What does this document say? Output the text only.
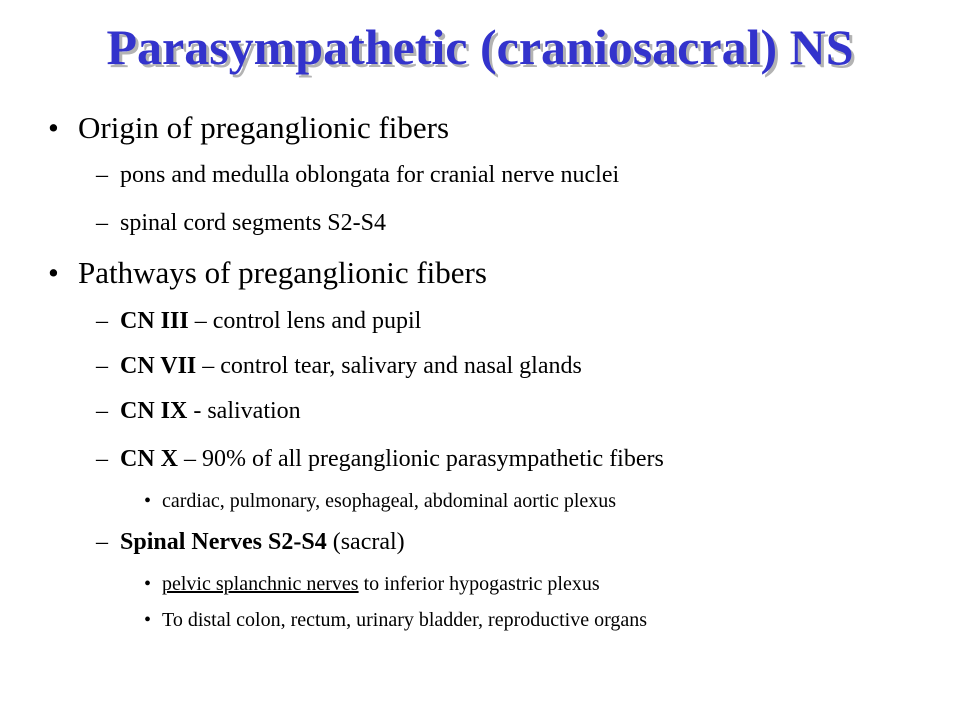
Parasympathetic (craniosacral) NS
• Origin of preganglionic fibers
– pons and medulla oblongata for cranial nerve nuclei
– spinal cord segments S2-S4
• Pathways of preganglionic fibers
– CN III – control lens and pupil
– CN VII – control tear, salivary and nasal glands
– CN IX - salivation
– CN X – 90% of all preganglionic parasympathetic fibers
• cardiac, pulmonary, esophageal, abdominal aortic plexus
– Spinal Nerves S2-S4 (sacral)
• pelvic splanchnic nerves to inferior hypogastric plexus
• To distal colon, rectum, urinary bladder, reproductive organs
